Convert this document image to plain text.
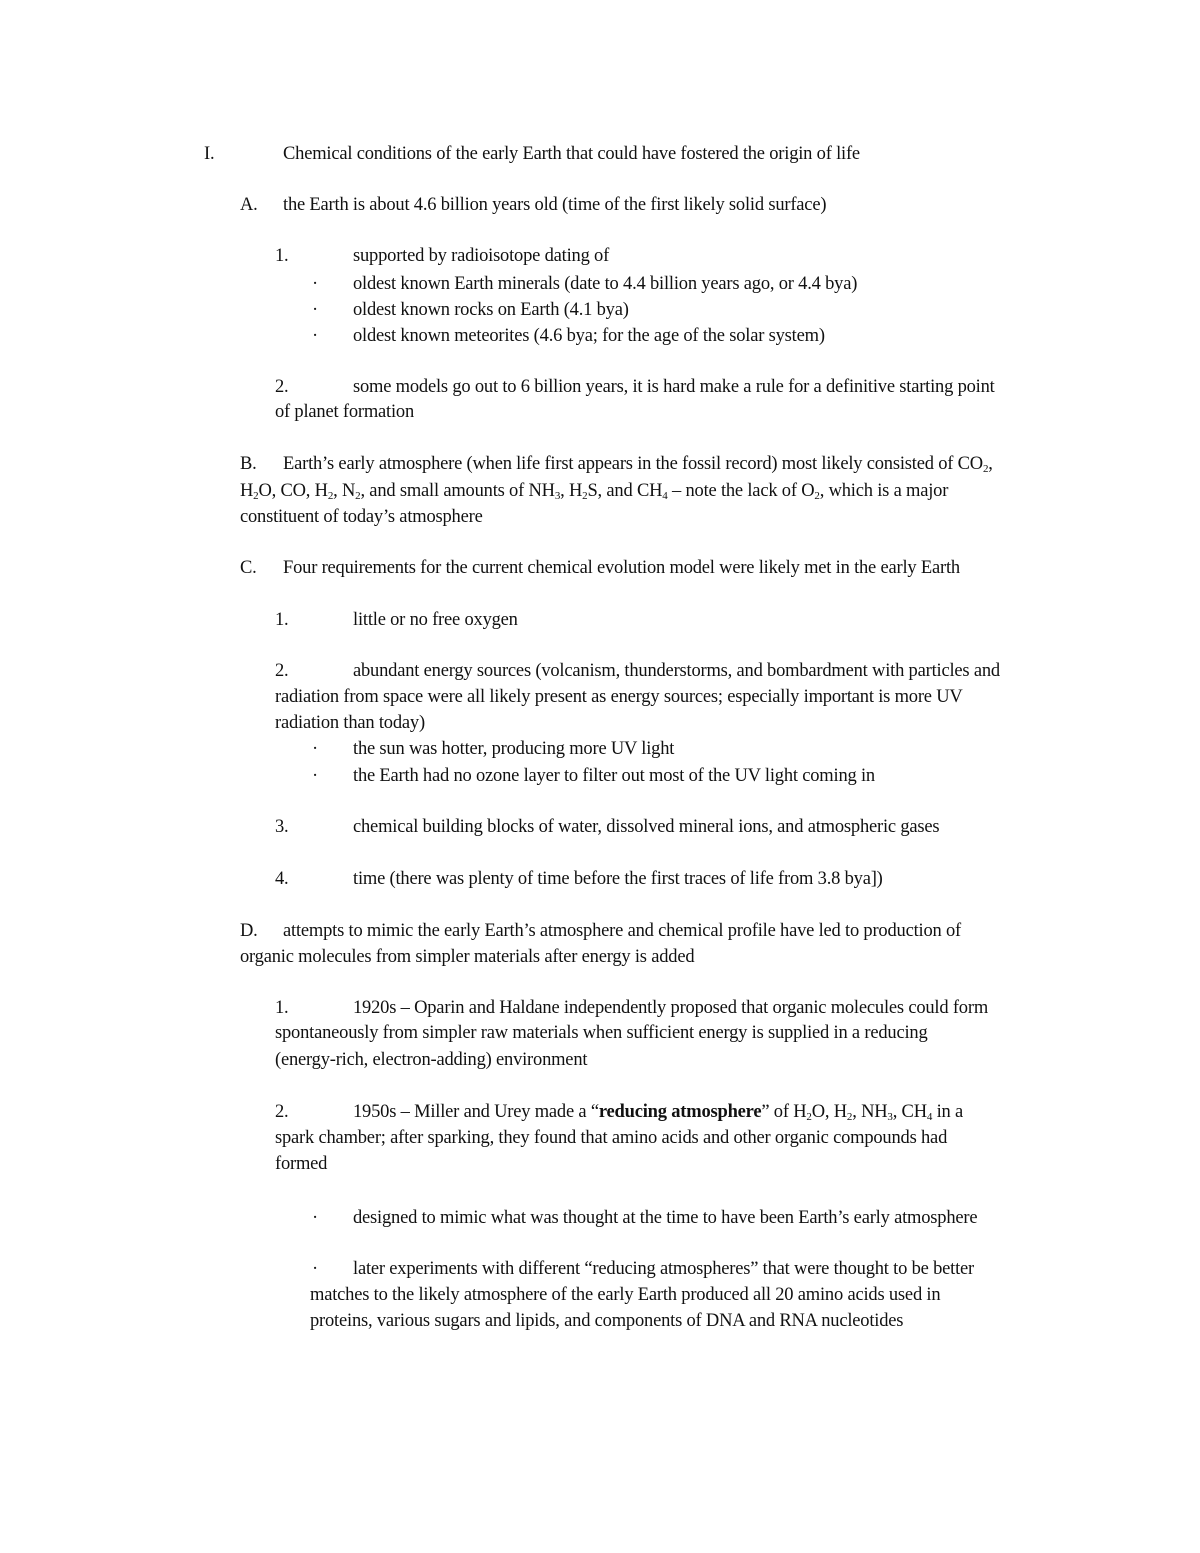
I.	Chemical conditions of the early Earth that could have fostered the origin of life
A. the Earth is about 4.6 billion years old (time of the first likely solid surface)
1.	supported by radioisotope dating of
· oldest known Earth minerals (date to 4.4 billion years ago, or 4.4 bya)
· oldest known rocks on Earth (4.1 bya)
· oldest known meteorites (4.6 bya; for the age of the solar system)
2.	some models go out to 6 billion years, it is hard make a rule for a definitive starting point
of planet formation
B. Earth’s early atmosphere (when life first appears in the fossil record) most likely consisted of $CO_2$,
$H_2O$, CO, $H_2$, $N_2$, and small amounts of $NH_3$, $H_2S$, and $CH_4$ – note the lack of $O_2$, which is a major
constituent of today’s atmosphere
C. Four requirements for the current chemical evolution model were likely met in the early Earth
1.	little or no free oxygen
2.	abundant energy sources (volcanism, thunderstorms, and bombardment with particles and
radiation from space were all likely present as energy sources; especially important is more UV
radiation than today)
· the sun was hotter, producing more UV light
· the Earth had no ozone layer to filter out most of the UV light coming in
3.	chemical building blocks of water, dissolved mineral ions, and atmospheric gases
4.	time (there was plenty of time before the first traces of life from 3.8 bya])
D. attempts to mimic the early Earth’s atmosphere and chemical profile have led to production of
organic molecules from simpler materials after energy is added
1.	1920s – Oparin and Haldane independently proposed that organic molecules could form
spontaneously from simpler raw materials when sufficient energy is supplied in a reducing
(energy-rich, electron-adding) environment
2.	1950s – Miller and Urey made a “reducing atmosphere” of $H_2O$, $H_2$, $NH_3$, $CH_4$ in a
spark chamber; after sparking, they found that amino acids and other organic compounds had
formed
· designed to mimic what was thought at the time to have been Earth’s early atmosphere
· later experiments with different “reducing atmospheres” that were thought to be better
matches to the likely atmosphere of the early Earth produced all 20 amino acids used in
proteins, various sugars and lipids, and components of DNA and RNA nucleotides
